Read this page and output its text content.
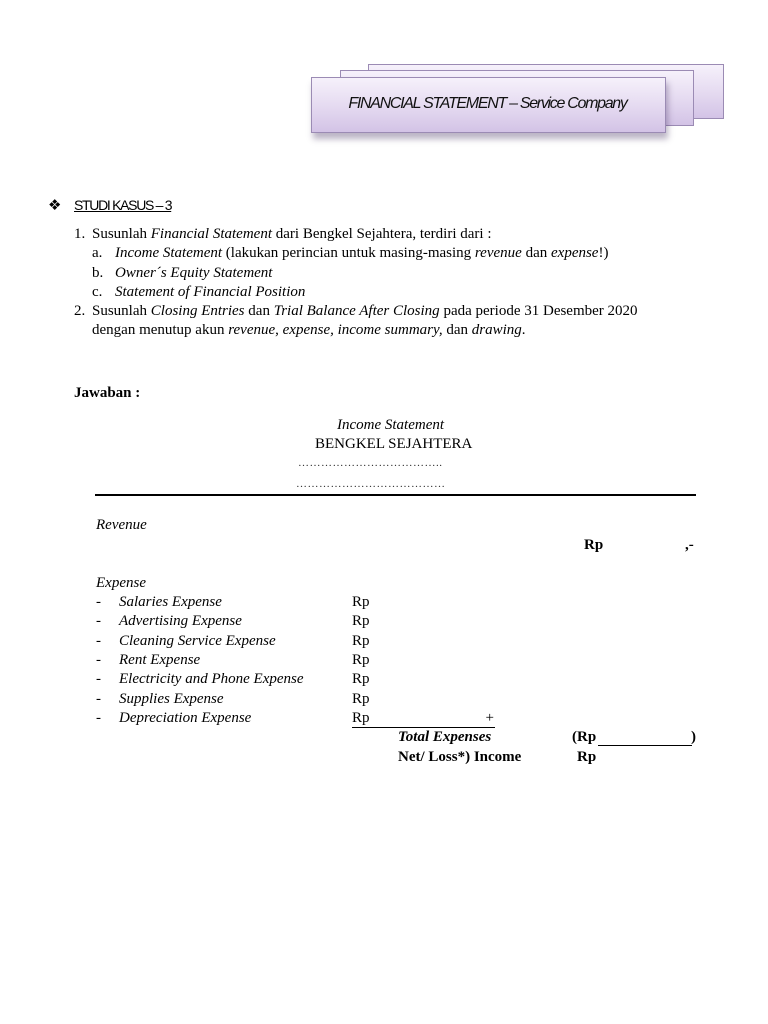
FINANCIAL STATEMENT – Service Company
❖ STUDI KASUS – 3
1. Susunlah Financial Statement dari Bengkel Sejahtera, terdiri dari :
a. Income Statement (lakukan perincian untuk masing-masing revenue dan expense!)
b. Owner´s Equity Statement
c. Statement of Financial Position
2. Susunlah Closing Entries dan Trial Balance After Closing pada periode 31 Desember 2020
dengan menutup akun revenue, expense, income summary, dan drawing.
Jawaban :
Income Statement
BENGKEL SEJAHTERA
………………………………..
…………………………………
Revenue
Rp	,-
Expense
- Salaries Expense	Rp
- Advertising Expense	Rp
- Cleaning Service Expense	Rp
- Rent Expense	Rp
- Electricity and Phone Expense	Rp
- Supplies Expense	Rp
- Depreciation Expense	Rp	+
Total Expenses	(Rp	)
Net/ Loss*) Income	Rp
